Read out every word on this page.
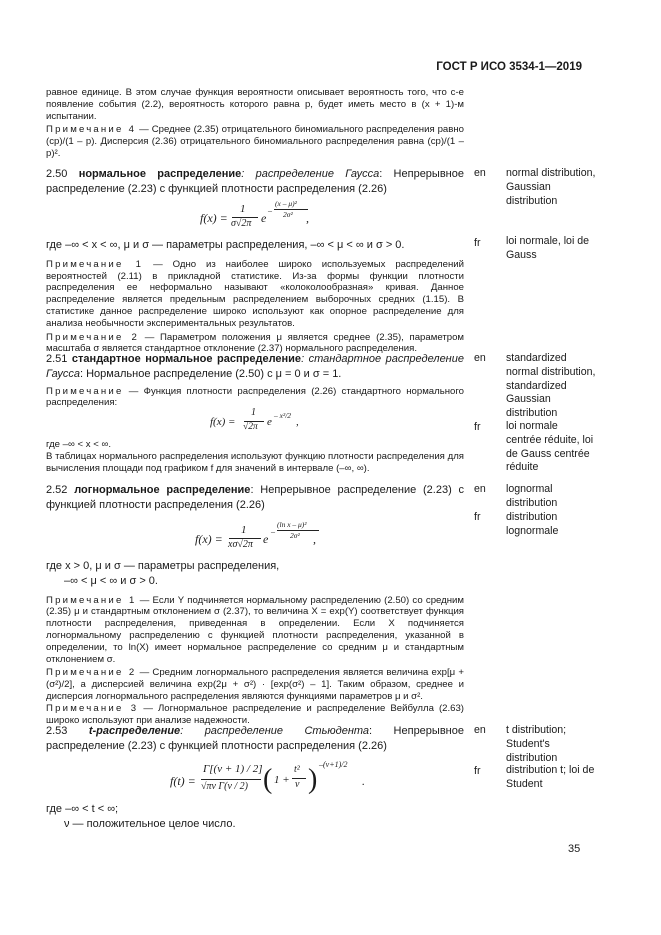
ГОСТ Р ИСО 3534-1—2019

равное единице. В этом случае функция вероятности описывает вероятность того, что c-е появление события (2.2), вероятность которого равна p, будет иметь место в (x + 1)-м испытании.

Примечание 4 — Среднее (2.35) отрицательного биномиального распределения равно (cp)/(1 – p). Дисперсия (2.36) отрицательного биномиального распределения равна (cp)/(1 – p)².

2.50 нормальное распределение: распределение Гаусса: Непрерывное распределение (2.23) с функцией плотности распределения (2.26)

f(x) =
1
σ√2π e
–
(x – μ)²
2σ² ,

где –∞ < x < ∞, μ и σ — параметры распределения, –∞ < μ < ∞ и σ > 0.

Примечание 1 — Одно из наиболее широко используемых распределений вероятностей (2.11) в прикладной статистике. Из-за формы функции плотности распределения ее неформально называют «колоколообразная» кривая. Данное распределение является предельным распределением выборочных средних (1.15). В статистике данное распределение широко используют как опорное распределение для анализа необычности экспериментальных результатов.

Примечание 2 — Параметром положения μ является среднее (2.35), параметром масштаба σ является стандартное отклонение (2.37) нормального распределения.

en normal distribution, Gaussian distribution
fr loi normale, loi de Gauss

2.51 стандартное нормальное распределение: стандартное распределение Гаусса: Нормальное распределение (2.50) с μ = 0 и σ = 1.

Примечание — Функция плотности распределения (2.26) стандартного нормального распределения:

f(x) =
1
√2π e
– x²/2
,

где –∞ < x < ∞.

В таблицах нормального распределения используют функцию плотности распределения для вычисления площади под графиком f для значений в интервале (–∞, ∞).

en standardized normal distribution, standardized Gaussian distribution
fr loi normale centrée réduite, loi de Gauss centrée réduite

2.52 логнормальное распределение: Непрерывное распределение (2.23) с функцией плотности распределения (2.26)

f(x) =
1
xσ√2π e
–
(ln x – μ)²
2σ² ,

где x > 0, μ и σ — параметры распределения,

–∞ < μ < ∞ и σ > 0.

Примечание 1 — Если Y подчиняется нормальному распределению (2.50) со средним (2.35) μ и стандартным отклонением σ (2.37), то величина X = exp(Y) соответствует функция плотности распределения, приведенная в определении. Если X подчиняется логнормальному распределению с функцией плотности распределения, указанной в определении, то ln(X) имеет нормальное распределение со средним μ и стандартным отклонением σ.

Примечание 2 — Средним логнормального распределения является величина exp[μ + (σ²)/2], а дисперсией величина exp(2μ + σ²) · [exp(σ²) – 1]. Таким образом, среднее и дисперсия логнормального распределения являются функциями параметров μ и σ².

Примечание 3 — Логнормальное распределение и распределение Вейбулла (2.63) широко используют при анализе надежности.

en lognormal distribution
fr distribution lognormale

2.53 t-распределение: распределение Стьюдента: Непрерывное распределение (2.23) с функцией плотности распределения (2.26)

f(t) =
Γ[(ν + 1) / 2]
√πν Γ(ν / 2) ( 1 +
t²
ν ) –(ν+1)/2
.

где –∞ < t < ∞;

ν — положительное целое число.

en t distribution; Student's distribution
fr distribution t; loi de Student
35
